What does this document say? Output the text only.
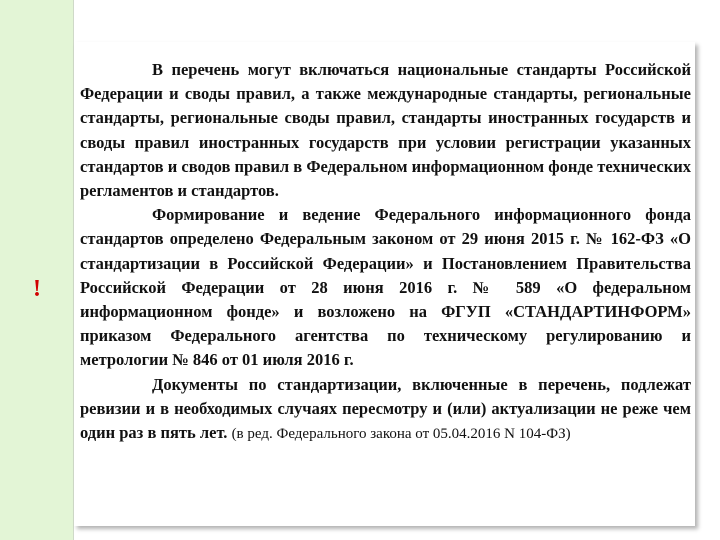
!

В перечень могут включаться национальные стандарты Российской Федерации и своды правил, а также международные стандарты, региональные стандарты, региональные своды правил, стандарты иностранных государств и своды правил иностранных государств при условии регистрации указанных стандартов и сводов правил в Федеральном информационном фонде технических регламентов и стандартов.

Формирование и ведение Федерального информационного фонда стандартов определено Федеральным законом от 29 июня 2015 г. № 162-ФЗ «О стандартизации в Российской Федерации» и Постановлением Правительства Российской Федерации от 28 июня 2016 г. № 589 «О федеральном информационном фонде» и возложено на ФГУП «СТАНДАРТИНФОРМ» приказом Федерального агентства по техническому регулированию и метрологии № 846 от 01 июля 2016 г.

Документы по стандартизации, включенные в перечень, подлежат ревизии и в необходимых случаях пересмотру и (или) актуализации не реже чем один раз в пять лет. (в ред. Федерального закона от 05.04.2016 N 104-ФЗ)
